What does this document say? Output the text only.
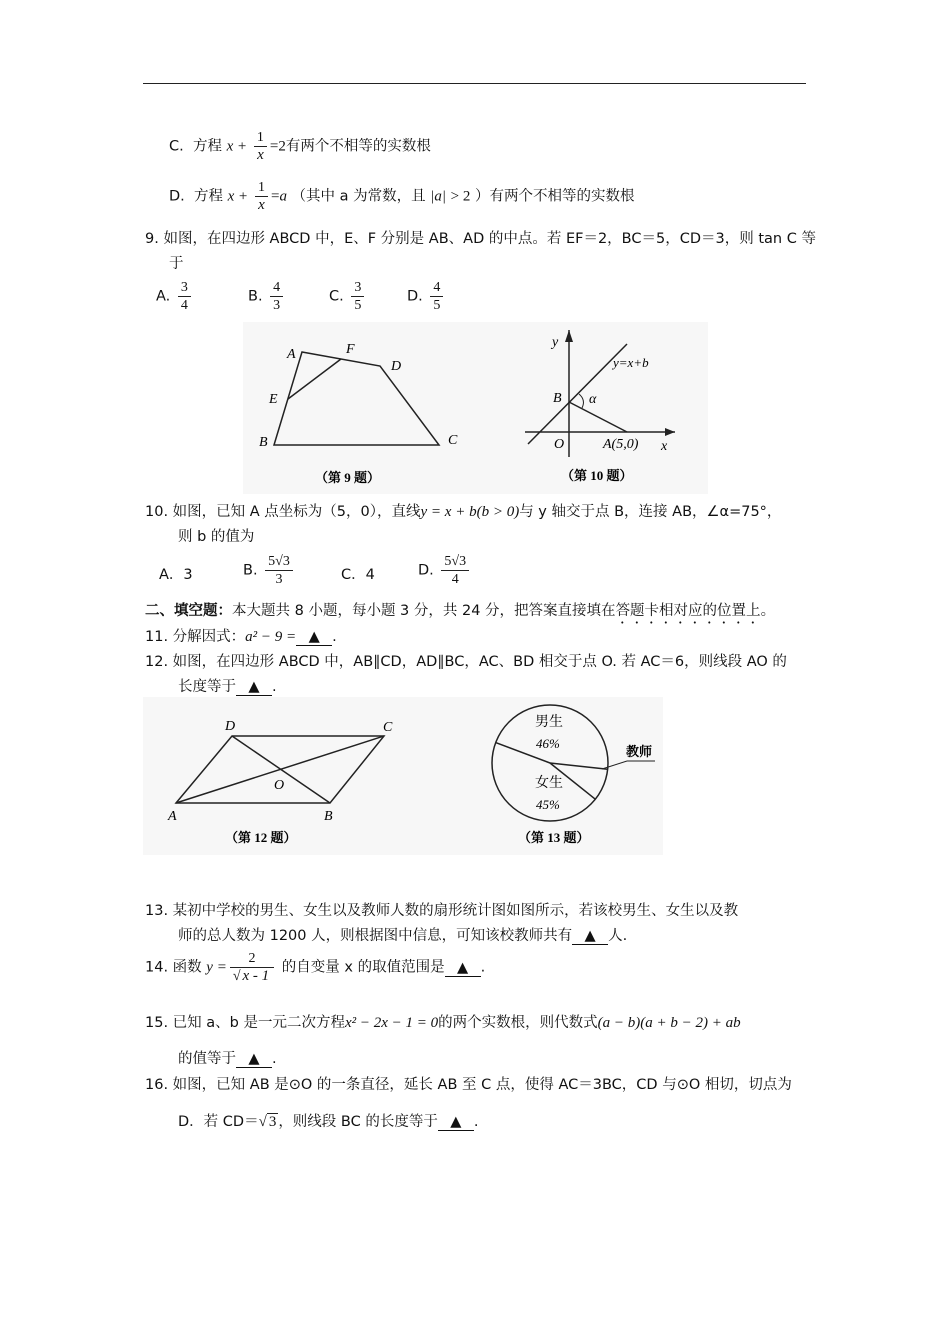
C. 方程 $x + \frac{1}{x} =2$有两个不相等的实数根
D. 方程 $x + \frac{1}{x} =a$ （其中 a 为常数，且 |a| > 2 ）有两个不相等的实数根
9. 如图，在四边形 ABCD 中，E、F 分别是 AB、AD 的中点。若 EF＝2，BC＝5，CD＝3，则 tan C 等
于
A. $\frac{3}{4}$	B. $\frac{4}{3}$	C. $\frac{3}{5}$	D. $\frac{4}{5}$
A	F
D
E
B	C
（第 9 题）
y
y=x+b
B α
O	A(5,0) x
（第 10 题）
10. 如图，已知 A 点坐标为（5，0），直线y = x + b(b > 0)与 y 轴交于点 B，连接 AB，∠α=75°，
则 b 的值为
A．3	B. $\frac{5√3}{3}$	C．4	D. $\frac{5√3}{4}$
二、填空题：本大题共 8 小题，每小题 3 分，共 24 分，把答案直接填在答题卡相对应的位置上。
11. 分解因式：a² − 9 = ▲ .
12. 如图，在四边形 ABCD 中，AB∥CD，AD∥BC，AC、BD 相交于点 O. 若 AC＝6，则线段 AO 的
长度等于 ▲ .
D	C
O
A	B
（第 12 题）
男生
46%
女生
45%
教师
（第 13 题）
13. 某初中学校的男生、女生以及教师人数的扇形统计图如图所示，若该校男生、女生以及教
师的总人数为 1200 人，则根据图中信息，可知该校教师共有 ▲ 人.
14. 函数 $y = \frac{2}{√ x - 1}$ 的自变量 x 的取值范围是 ▲ .
15. 已知 a、b 是一元二次方程x² − 2x − 1 = 0的两个实数根，则代数式(a − b)(a + b − 2) + ab
的值等于 ▲ .
16. 如图，已知 AB 是⊙O 的一条直径，延长 AB 至 C 点，使得 AC＝3BC，CD 与⊙O 相切，切点为
D．若 CD＝√ 3 ，则线段 BC 的长度等于 ▲ .
